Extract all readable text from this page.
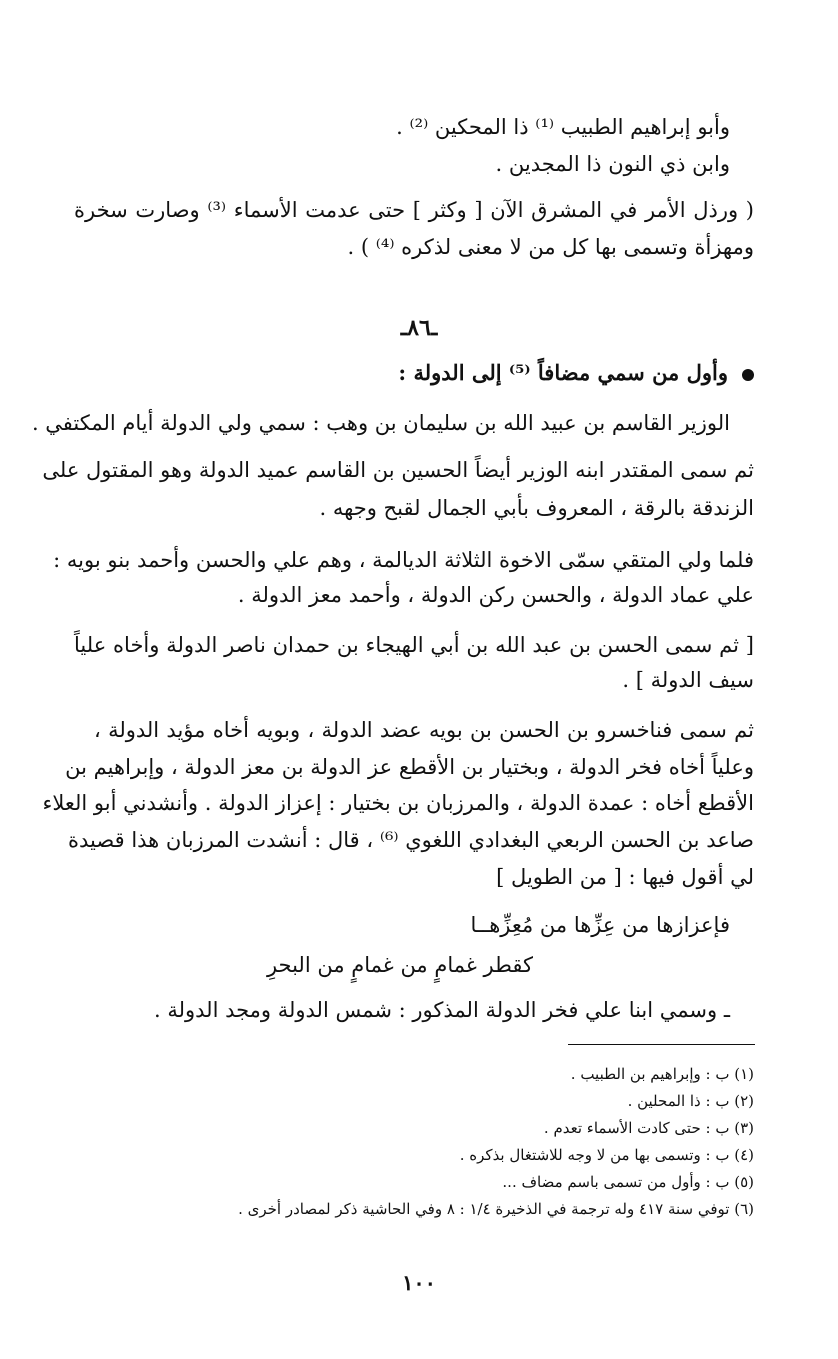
وأبو إبراهيم الطبيب ⁽¹⁾ ذا المحكين ⁽²⁾ .
وابن ذي النون ذا المجدين .
( ورذل الأمر في المشرق الآن [ وكثر ] حتى عدمت الأسماء ⁽³⁾ وصارت سخرة
ومهزأة وتسمى بها كل من لا معنى لذكره ⁽⁴⁾ ) .
ـ٨٦ـ
وأول من سمي مضافاً ⁽⁵⁾ إلى الدولة :
الوزير القاسم بن عبيد الله بن سليمان بن وهب : سمي ولي الدولة أيام المكتفي .
ثم سمى المقتدر ابنه الوزير أيضاً الحسين بن القاسم عميد الدولة وهو المقتول على
الزندقة بالرقة ، المعروف بأبي الجمال لقبح وجهه .
فلما ولي المتقي سمّى الاخوة الثلاثة الديالمة ، وهم علي والحسن وأحمد بنو بويه :
علي عماد الدولة ، والحسن ركن الدولة ، وأحمد معز الدولة .
[ ثم سمى الحسن بن عبد الله بن أبي الهيجاء بن حمدان ناصر الدولة وأخاه علياً
سيف الدولة ] .
ثم سمى فناخسرو بن الحسن بن بويه عضد الدولة ، وبويه أخاه مؤيد الدولة ،
وعلياً أخاه فخر الدولة ، وبختيار بن الأقطع عز الدولة بن معز الدولة ، وإبراهيم بن
الأقطع أخاه : عمدة الدولة ، والمرزبان بن بختيار : إعزاز الدولة . وأنشدني أبو العلاء
صاعد بن الحسن الربعي البغدادي اللغوي ⁽⁶⁾ ، قال : أنشدت المرزبان هذا قصيدة
لي أقول فيها : [ من الطويل ]
فإعزازها من عِزِّها من مُعِزِّهــا
كقطر غمامٍ من غمامٍ من البحرِ
ـ وسمي ابنا علي فخر الدولة المذكور : شمس الدولة ومجد الدولة .
(١) ب : وإبراهيم بن الطبيب .
(٢) ب : ذا المحلين .
(٣) ب : حتى كادت الأسماء تعدم .
(٤) ب : وتسمى بها من لا وجه للاشتغال بذكره .
(٥) ب : وأول من تسمى باسم مضاف ...
(٦) توفي سنة ٤١٧ وله ترجمة في الذخيرة ١/٤ : ٨ وفي الحاشية ذكر لمصادر أخرى .
١٠٠
